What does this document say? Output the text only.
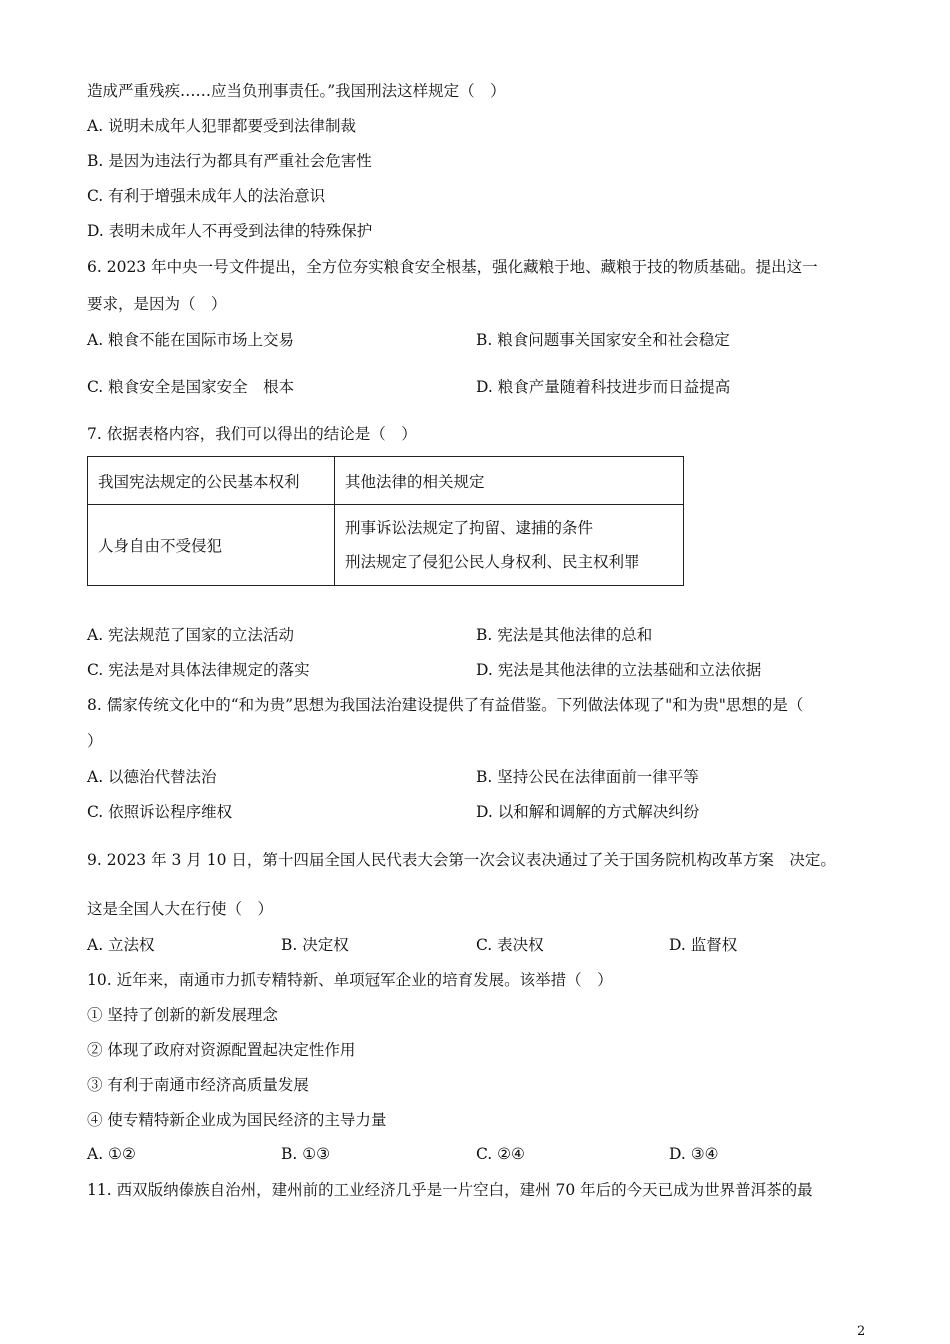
造成严重残疾……应当负刑事责任。”我国刑法这样规定（　）
A. 说明未成年人犯罪都要受到法律制裁
B. 是因为违法行为都具有严重社会危害性
C. 有利于增强未成年人的法治意识
D. 表明未成年人不再受到法律的特殊保护
6. 2023 年中央一号文件提出，全方位夯实粮食安全根基，强化藏粮于地、藏粮于技的物质基础。提出这一
要求，是因为（　）
A. 粮食不能在国际市场上交易	B. 粮食问题事关国家安全和社会稳定
C. 粮食安全是国家安全　根本	D. 粮食产量随着科技进步而日益提高
7. 依据表格内容，我们可以得出的结论是（　）
我国宪法规定的公民基本权利	其他法律的相关规定
人身自由不受侵犯	刑事诉讼法规定了拘留、逮捕的条件
刑法规定了侵犯公民人身权利、民主权利罪
A. 宪法规范了国家的立法活动	B. 宪法是其他法律的总和
C. 宪法是对具体法律规定的落实	D. 宪法是其他法律的立法基础和立法依据
8. 儒家传统文化中的“和为贵”思想为我国法治建设提供了有益借鉴。下列做法体现了"和为贵"思想的是（
）
A. 以德治代替法治	B. 坚持公民在法律面前一律平等
C. 依照诉讼程序维权	D. 以和解和调解的方式解决纠纷
9. 2023 年 3 月 10 日，第十四届全国人民代表大会第一次会议表决通过了关于国务院机构改革方案　决定。
这是全国人大在行使（　）
A. 立法权	B. 决定权	C. 表决权	D. 监督权
10. 近年来，南通市力抓专精特新、单项冠军企业的培育发展。该举措（　）
① 坚持了创新的新发展理念
② 体现了政府对资源配置起决定性作用
③ 有利于南通市经济高质量发展
④ 使专精特新企业成为国民经济的主导力量
A. ①②	B. ①③	C. ②④	D. ③④
11. 西双版纳傣族自治州，建州前的工业经济几乎是一片空白，建州 70 年后的今天已成为世界普洱茶的最
2
